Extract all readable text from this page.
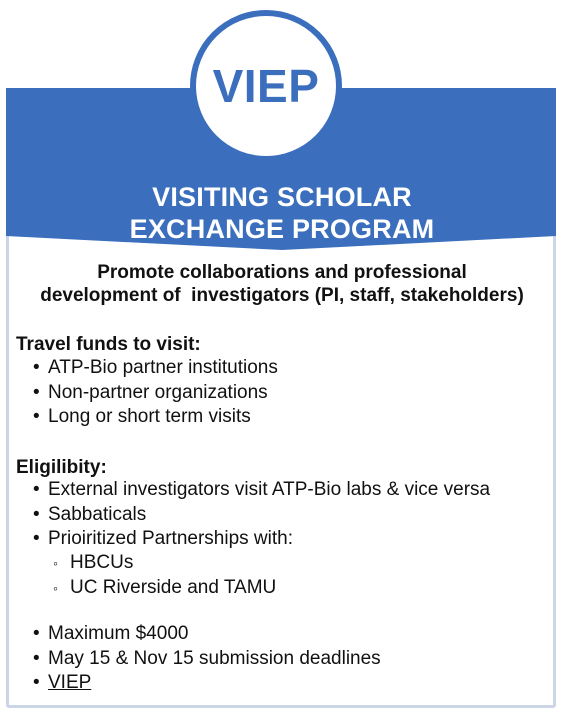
VIEP
VISITING SCHOLAR
EXCHANGE PROGRAM
Promote collaborations and professional
development of  investigators (PI, staff, stakeholders)
Travel funds to visit:
• ATP-Bio partner institutions
• Non-partner organizations
• Long or short term visits
Eligilibity:
• External investigators visit ATP-Bio labs & vice versa
• Sabbaticals
• Prioiritized Partnerships with:
◦ HBCUs
◦ UC Riverside and TAMU
• Maximum $4000
• May 15 & Nov 15 submission deadlines
• VIEP
